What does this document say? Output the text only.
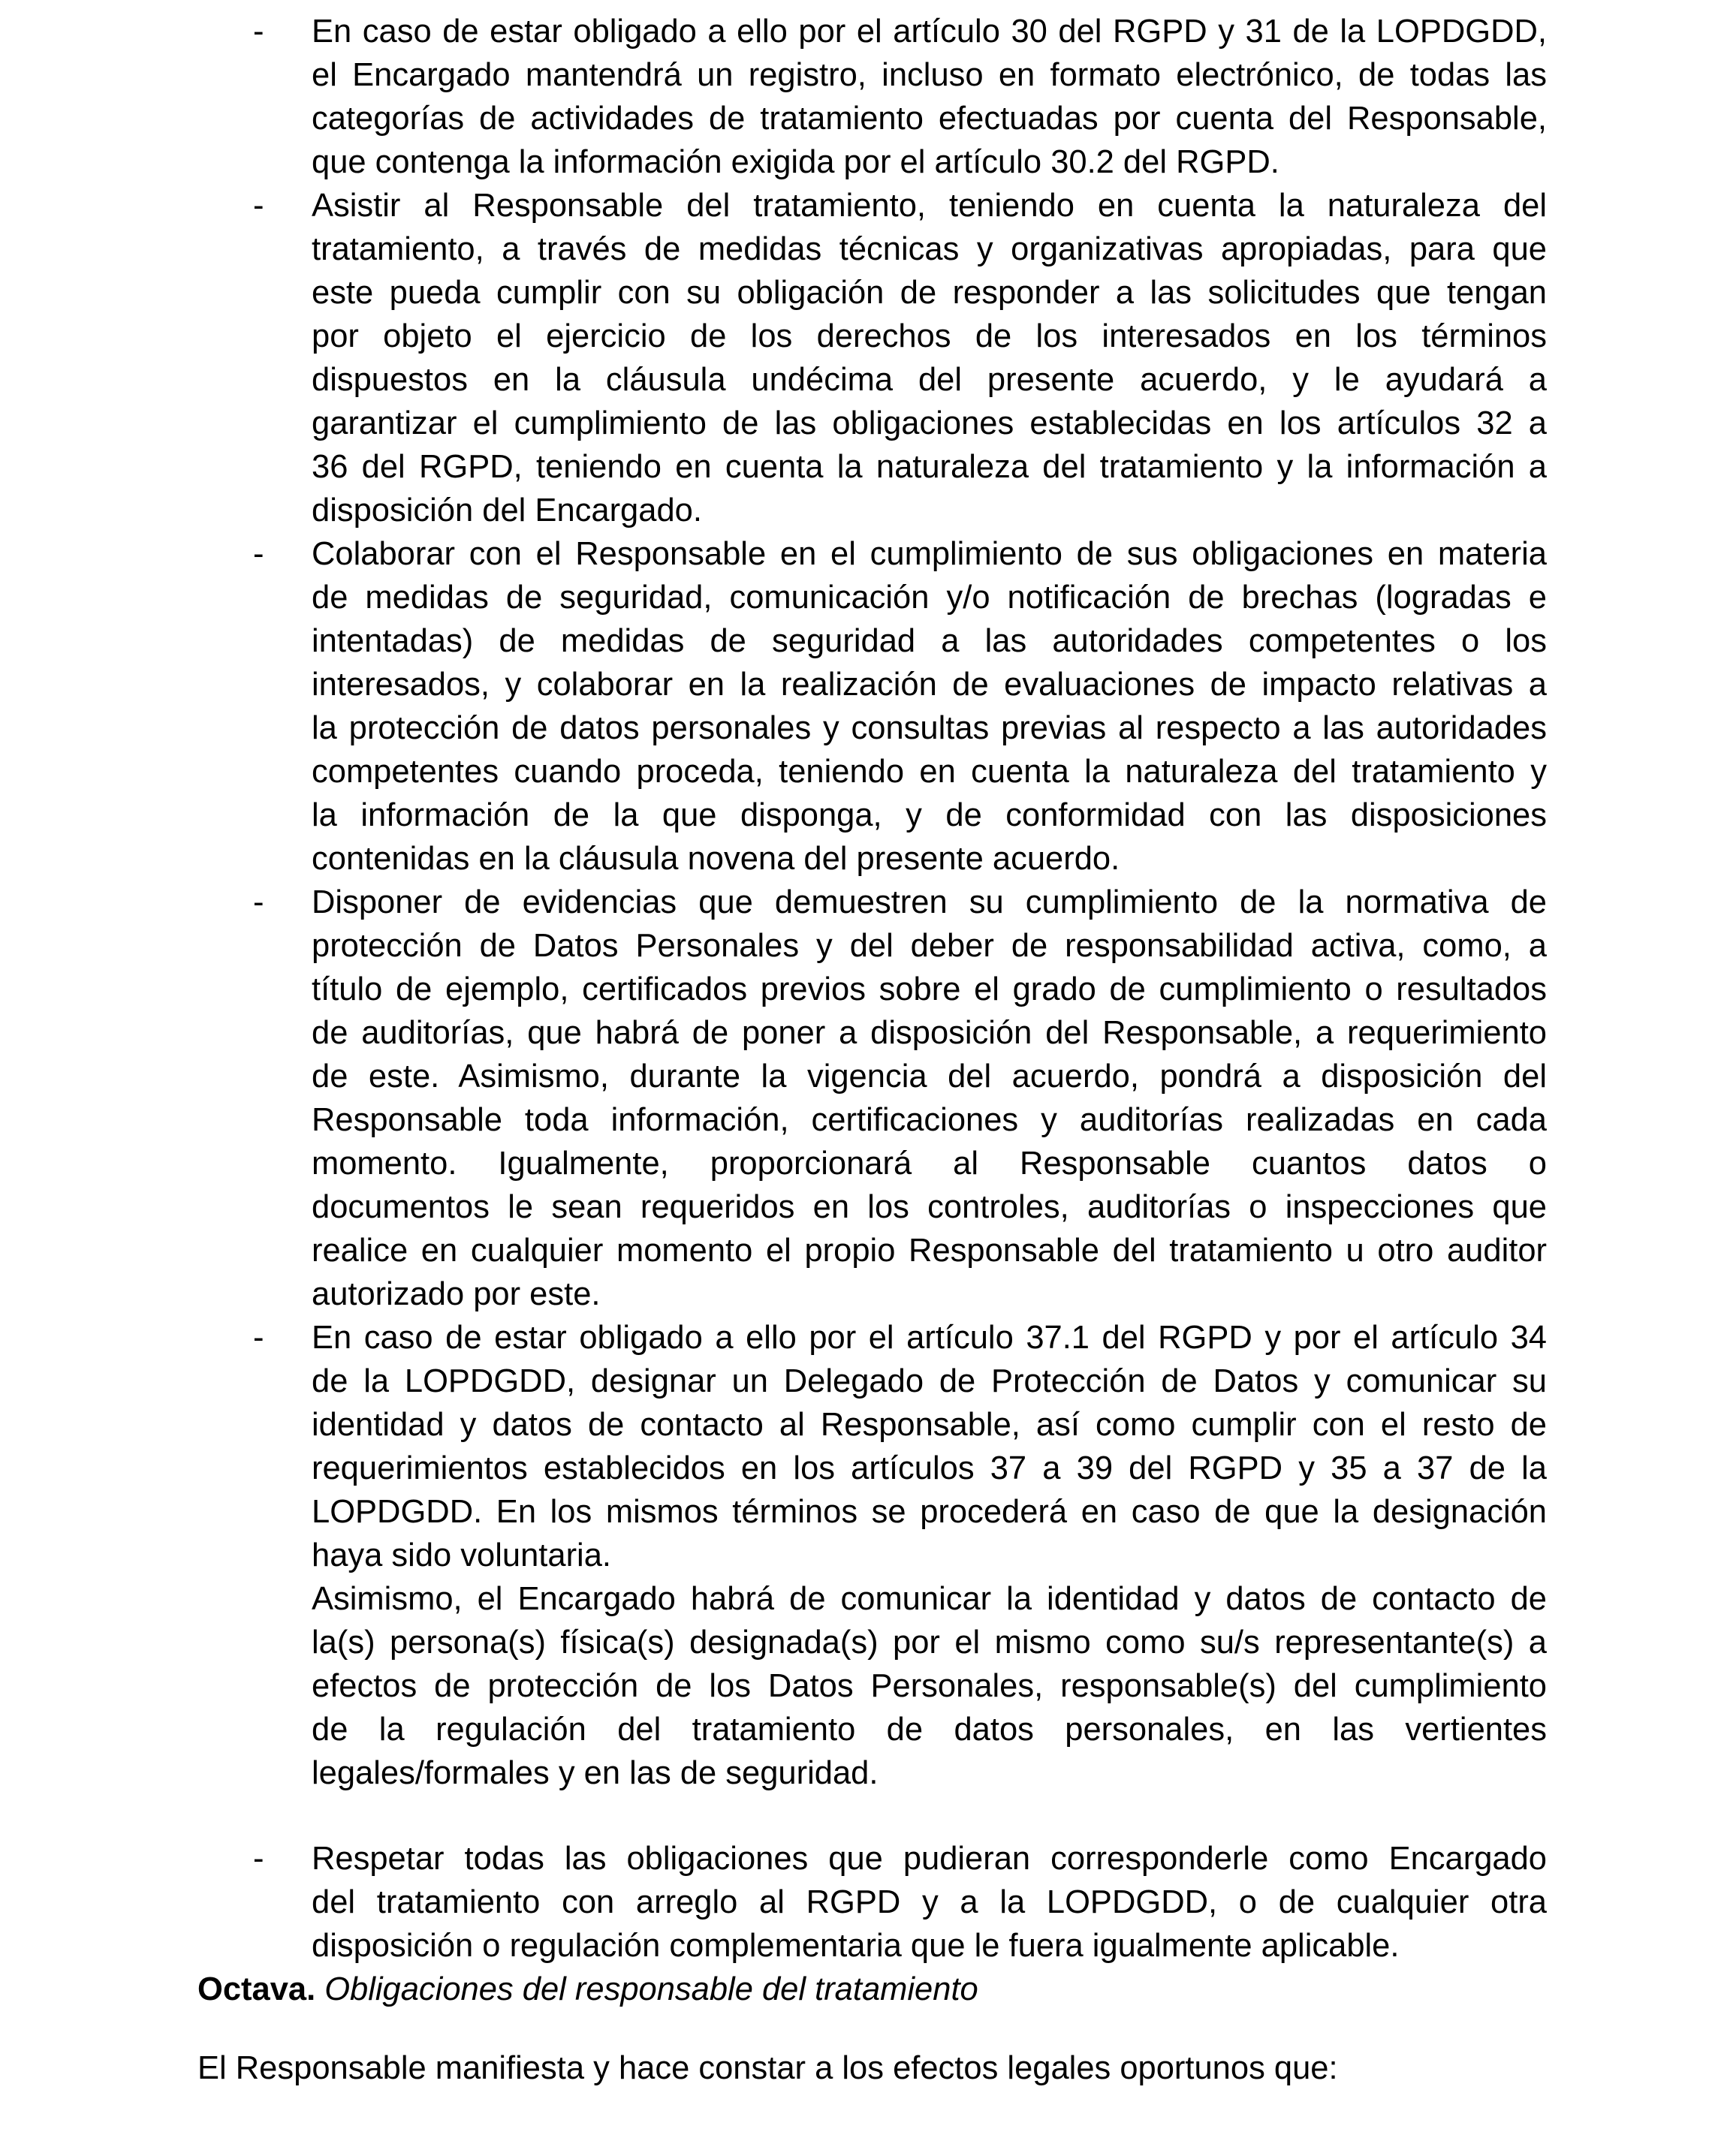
-	En caso de estar obligado a ello por el artículo 30 del RGPD y 31 de la LOPDGDD,
el Encargado mantendrá un registro, incluso en formato electrónico, de todas las
categorías de actividades de tratamiento efectuadas por cuenta del Responsable,
que contenga la información exigida por el artículo 30.2 del RGPD.
-	Asistir al Responsable del tratamiento, teniendo en cuenta la naturaleza del
tratamiento, a través de medidas técnicas y organizativas apropiadas, para que
este pueda cumplir con su obligación de responder a las solicitudes que tengan
por objeto el ejercicio de los derechos de los interesados en los términos
dispuestos en la cláusula undécima del presente acuerdo, y le ayudará a
garantizar el cumplimiento de las obligaciones establecidas en los artículos 32 a
36 del RGPD, teniendo en cuenta la naturaleza del tratamiento y la información a
disposición del Encargado.
-	Colaborar con el Responsable en el cumplimiento de sus obligaciones en materia
de medidas de seguridad, comunicación y/o notificación de brechas (logradas e
intentadas) de medidas de seguridad a las autoridades competentes o los
interesados, y colaborar en la realización de evaluaciones de impacto relativas a
la protección de datos personales y consultas previas al respecto a las autoridades
competentes cuando proceda, teniendo en cuenta la naturaleza del tratamiento y
la información de la que disponga, y de conformidad con las disposiciones
contenidas en la cláusula novena del presente acuerdo.
-	Disponer de evidencias que demuestren su cumplimiento de la normativa de
protección de Datos Personales y del deber de responsabilidad activa, como, a
título de ejemplo, certificados previos sobre el grado de cumplimiento o resultados
de auditorías, que habrá de poner a disposición del Responsable, a requerimiento
de este. Asimismo, durante la vigencia del acuerdo, pondrá a disposición del
Responsable toda información, certificaciones y auditorías realizadas en cada
momento. Igualmente, proporcionará al Responsable cuantos datos o
documentos le sean requeridos en los controles, auditorías o inspecciones que
realice en cualquier momento el propio Responsable del tratamiento u otro auditor
autorizado por este.
-	En caso de estar obligado a ello por el artículo 37.1 del RGPD y por el artículo 34
de la LOPDGDD, designar un Delegado de Protección de Datos y comunicar su
identidad y datos de contacto al Responsable, así como cumplir con el resto de
requerimientos establecidos en los artículos 37 a 39 del RGPD y 35 a 37 de la
LOPDGDD. En los mismos términos se procederá en caso de que la designación
haya sido voluntaria.
Asimismo, el Encargado habrá de comunicar la identidad y datos de contacto de
la(s) persona(s) física(s) designada(s) por el mismo como su/s representante(s) a
efectos de protección de los Datos Personales, responsable(s) del cumplimiento
de la regulación del tratamiento de datos personales, en las vertientes
legales/formales y en las de seguridad.
-	Respetar todas las obligaciones que pudieran corresponderle como Encargado
del tratamiento con arreglo al RGPD y a la LOPDGDD, o de cualquier otra
disposición o regulación complementaria que le fuera igualmente aplicable.
Octava. Obligaciones del responsable del tratamiento
El Responsable manifiesta y hace constar a los efectos legales oportunos que:
